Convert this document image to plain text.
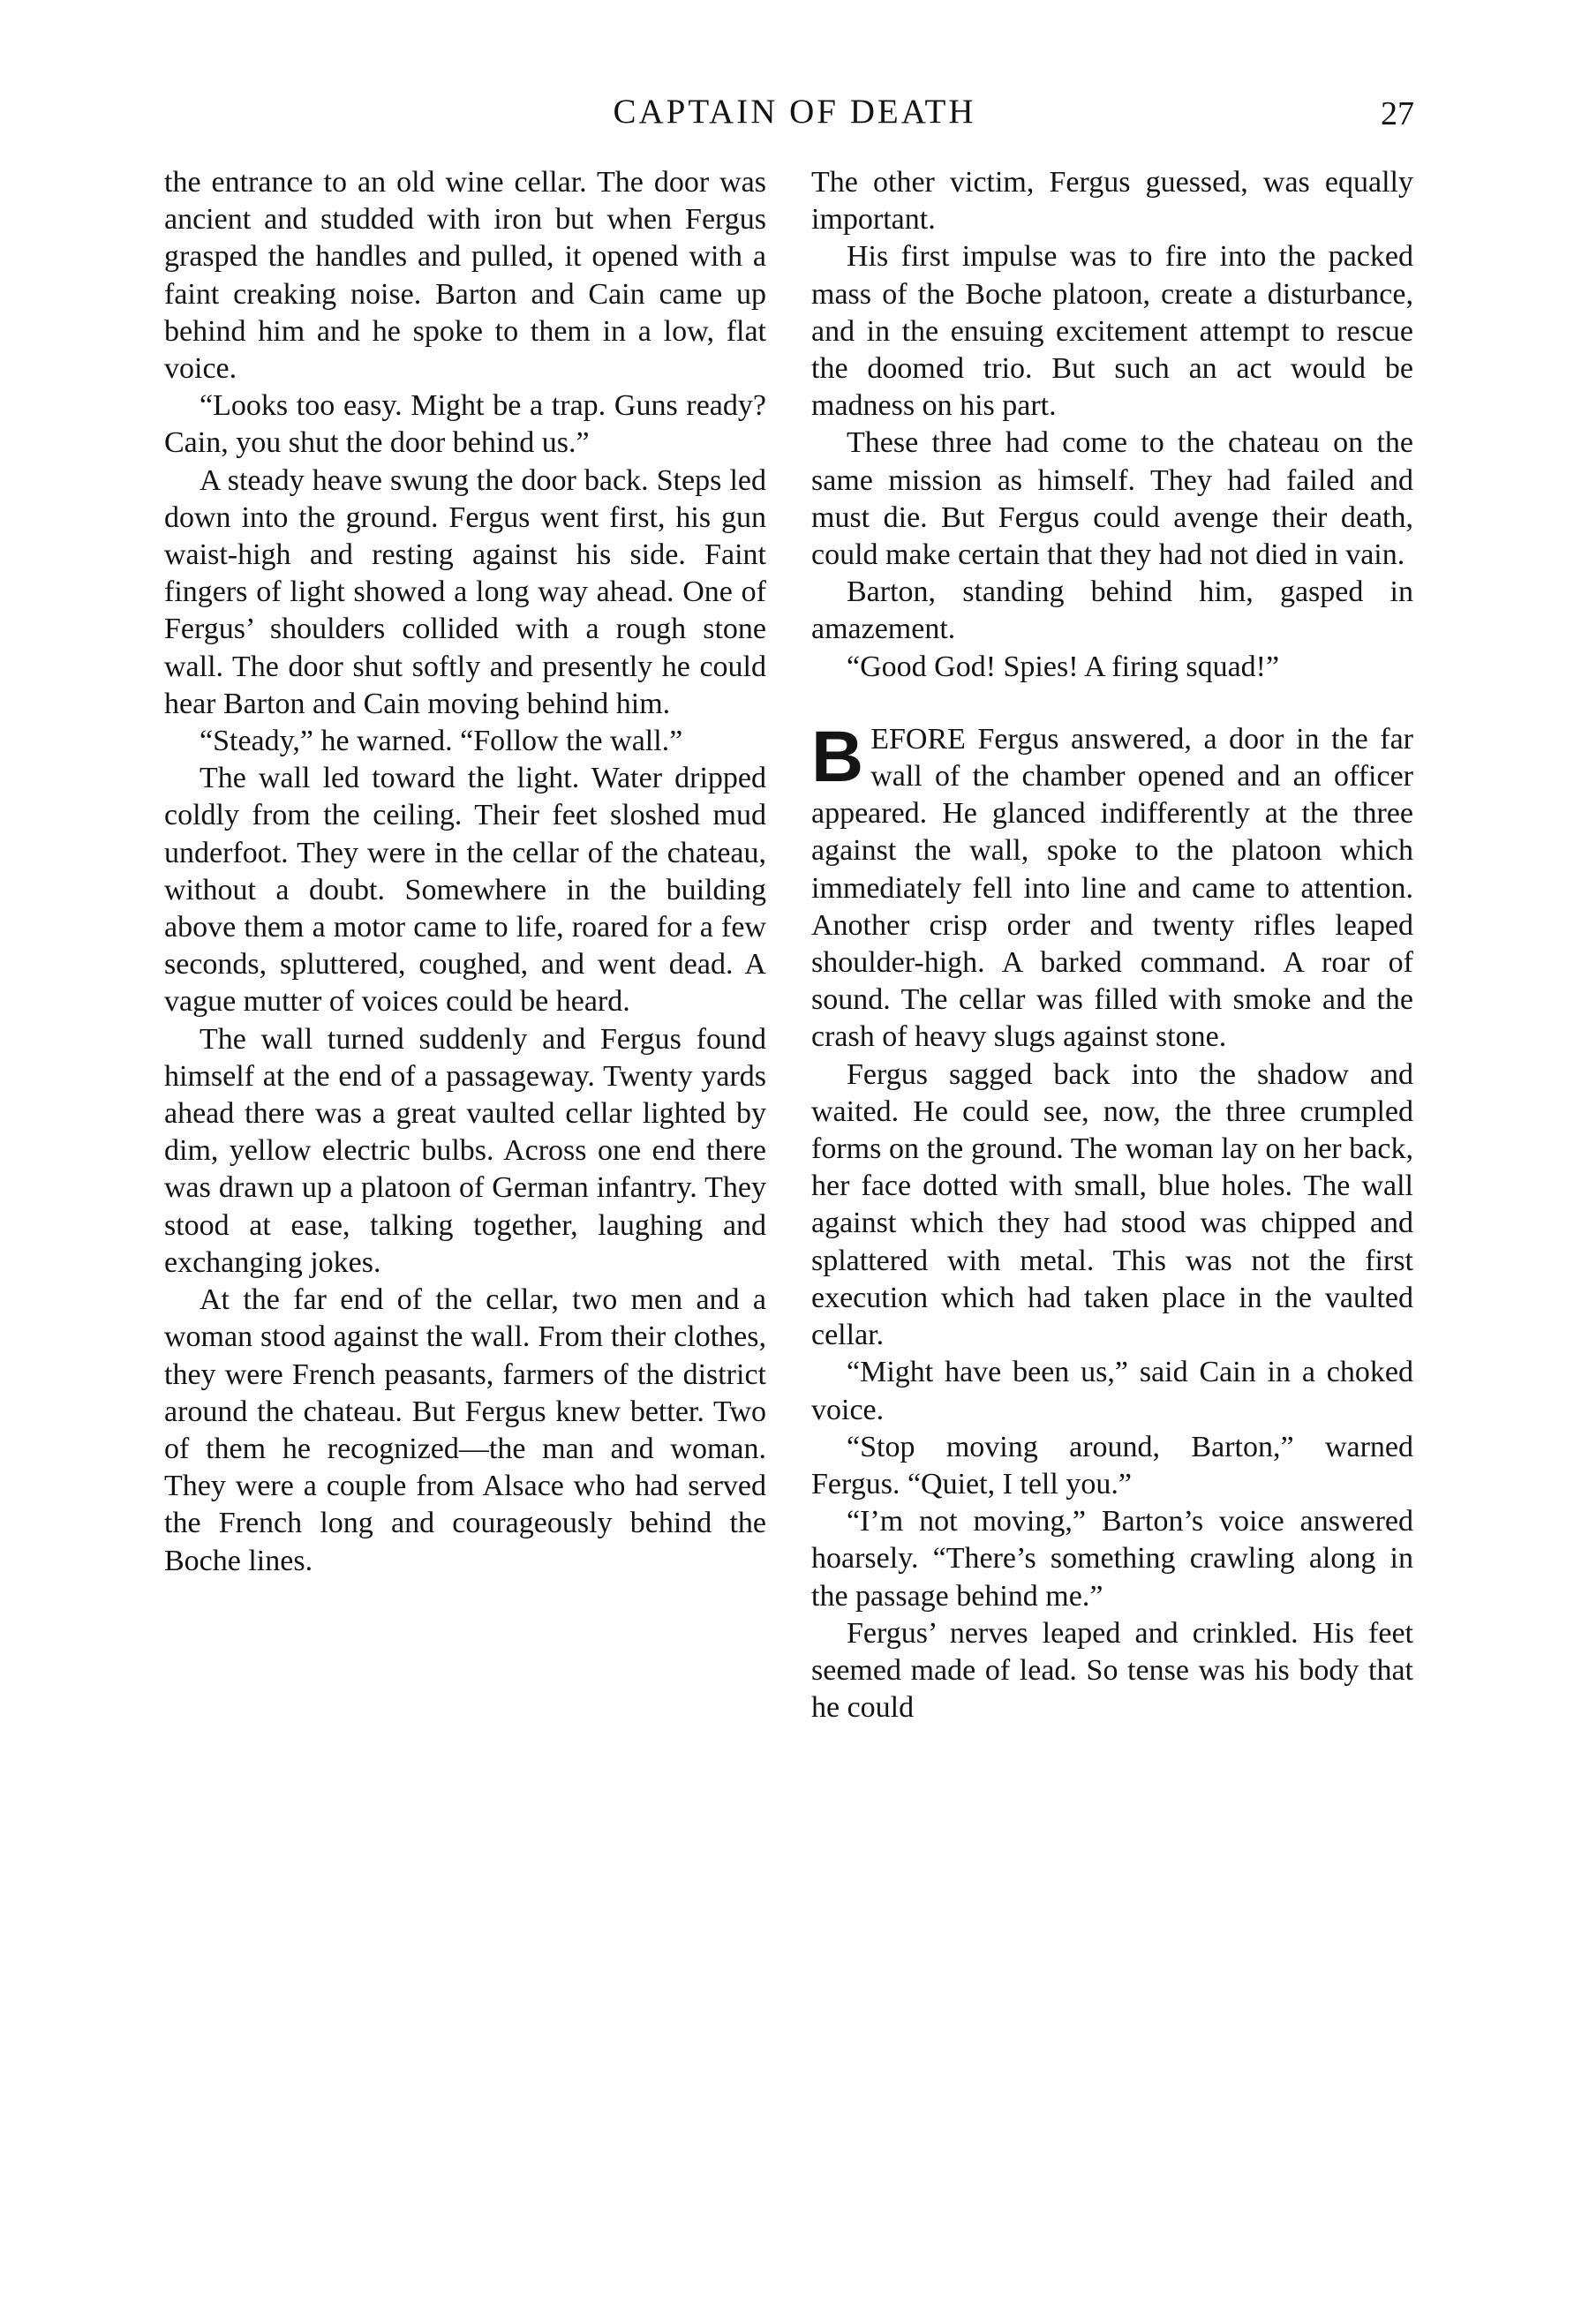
CAPTAIN OF DEATH	27

the entrance to an old wine cellar. The door was ancient and studded with iron but when Fergus grasped the handles and pulled, it opened with a faint creaking noise. Barton and Cain came up behind him and he spoke to them in a low, flat voice.

“Looks too easy. Might be a trap. Guns ready? Cain, you shut the door behind us.”

A steady heave swung the door back. Steps led down into the ground. Fergus went first, his gun waist-high and resting against his side. Faint fingers of light showed a long way ahead. One of Fergus’ shoulders collided with a rough stone wall. The door shut softly and presently he could hear Barton and Cain moving behind him.

“Steady,” he warned. “Follow the wall.”

The wall led toward the light. Water dripped coldly from the ceiling. Their feet sloshed mud underfoot. They were in the cellar of the chateau, without a doubt. Somewhere in the building above them a motor came to life, roared for a few seconds, spluttered, coughed, and went dead. A vague mutter of voices could be heard.

The wall turned suddenly and Fergus found himself at the end of a passageway. Twenty yards ahead there was a great vaulted cellar lighted by dim, yellow electric bulbs. Across one end there was drawn up a platoon of German infantry. They stood at ease, talking together, laughing and exchanging jokes.

At the far end of the cellar, two men and a woman stood against the wall. From their clothes, they were French peasants, farmers of the district around the chateau. But Fergus knew better. Two of them he recognized—the man and woman. They were a couple from Alsace who had served the French long and courageously behind the Boche lines.

The other victim, Fergus guessed, was equally important.

His first impulse was to fire into the packed mass of the Boche platoon, create a disturbance, and in the ensuing excitement attempt to rescue the doomed trio. But such an act would be madness on his part.

These three had come to the chateau on the same mission as himself. They had failed and must die. But Fergus could avenge their death, could make certain that they had not died in vain.

Barton, standing behind him, gasped in amazement.

“Good God! Spies! A firing squad!”

BEFORE Fergus answered, a door in the far wall of the chamber opened and an officer appeared. He glanced indifferently at the three against the wall, spoke to the platoon which immediately fell into line and came to attention. Another crisp order and twenty rifles leaped shoulder-high. A barked command. A roar of sound. The cellar was filled with smoke and the crash of heavy slugs against stone.

Fergus sagged back into the shadow and waited. He could see, now, the three crumpled forms on the ground. The woman lay on her back, her face dotted with small, blue holes. The wall against which they had stood was chipped and splattered with metal. This was not the first execution which had taken place in the vaulted cellar.

“Might have been us,” said Cain in a choked voice.

“Stop moving around, Barton,” warned Fergus. “Quiet, I tell you.”

“I’m not moving,” Barton’s voice answered hoarsely. “There’s something crawling along in the passage behind me.”

Fergus’ nerves leaped and crinkled. His feet seemed made of lead. So tense was his body that he could
